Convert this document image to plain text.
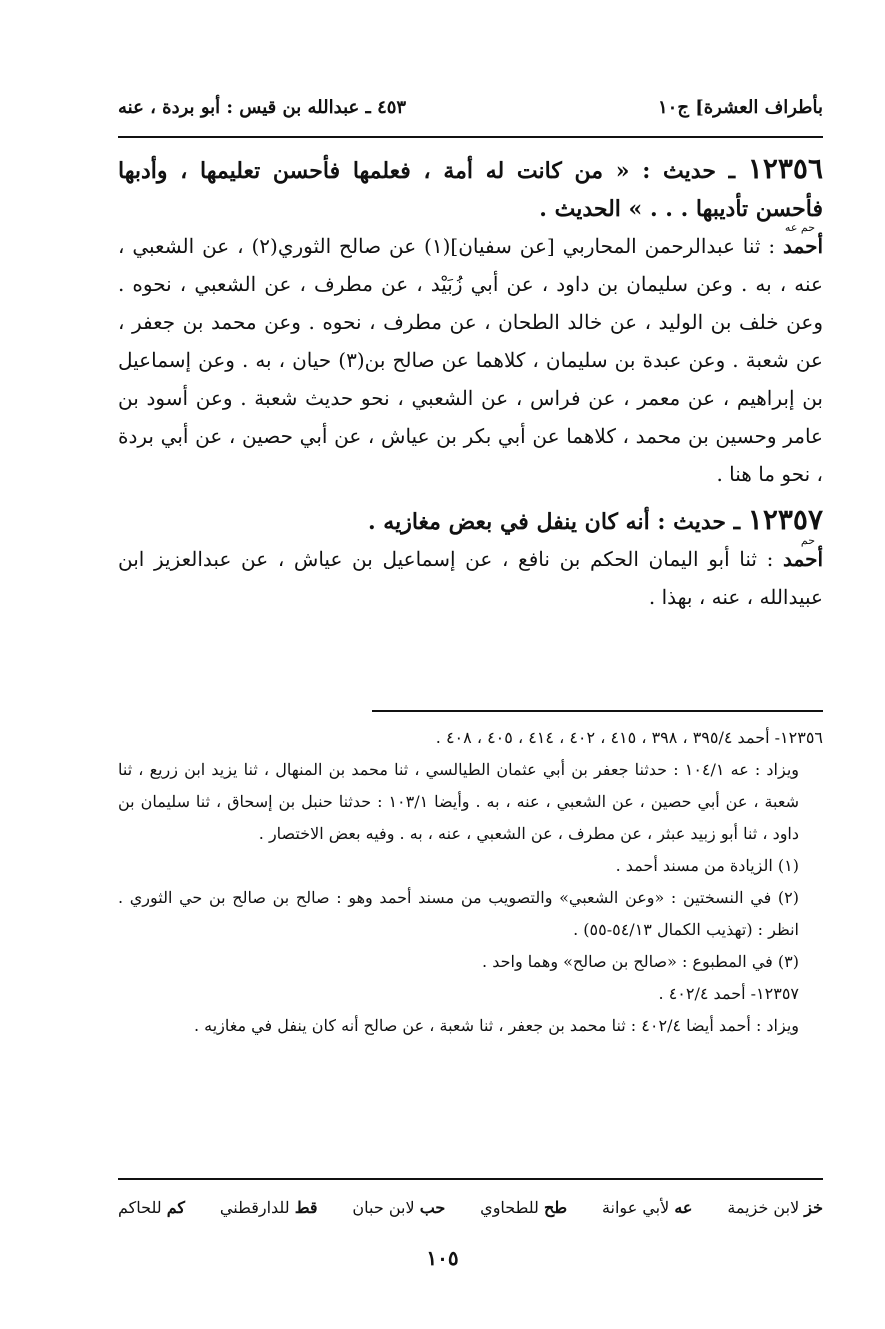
بأطراف العشرة] ج١٠
٤٥٣ ـ عبدالله بن قيس : أبو بردة ، عنه
١٢٣٥٦ ـ حديث : « من كانت له أمة ، فعلمها فأحسن تعليمها ، وأدبها فأحسن تأديبها . . . » الحديث .
حم عه

أحمد : ثنا عبدالرحمن المحاربي [عن سفيان](١) عن صالح الثوري(٢) ، عن الشعبي ، عنه ، به . وعن سليمان بن داود ، عن أبي زُبَيْد ، عن مطرف ، عن الشعبي ، نحوه . وعن خلف بن الوليد ، عن خالد الطحان ، عن مطرف ، نحوه . وعن محمد بن جعفر ، عن شعبة . وعن عبدة بن سليمان ، كلاهما عن صالح بن(٣) حيان ، به . وعن إسماعيل بن إبراهيم ، عن معمر ، عن فراس ، عن الشعبي ، نحو حديث شعبة . وعن أسود بن عامر وحسين بن محمد ، كلاهما عن أبي بكر بن عياش ، عن أبي حصين ، عن أبي بردة ، نحو ما هنا .

١٢٣٥٧ ـ حديث : أنه كان ينفل في بعض مغازيه .
حم

أحمد : ثنا أبو اليمان الحكم بن نافع ، عن إسماعيل بن عياش ، عن عبدالعزيز ابن عبيدالله ، عنه ، بهذا .

١٢٣٥٦- أحمد ٣٩٥/٤ ، ٣٩٨ ، ٤١٥ ، ٤٠٢ ، ٤١٤ ، ٤٠٥ ، ٤٠٨ .

ويزاد : عه ١٠٤/١ : حدثنا جعفر بن أبي عثمان الطيالسي ، ثنا محمد بن المنهال ، ثنا يزيد ابن زريع ، ثنا شعبة ، عن أبي حصين ، عن الشعبي ، عنه ، به . وأيضا ١٠٣/١ : حدثنا حنبل بن إسحاق ، ثنا سليمان بن داود ، ثنا أبو زبيد عبثر ، عن مطرف ، عن الشعبي ، عنه ، به . وفيه بعض الاختصار .

(١) الزيادة من مسند أحمد .

(٢) في النسختين : «وعن الشعبي» والتصويب من مسند أحمد وهو : صالح بن صالح بن حي الثوري . انظر : (تهذيب الكمال ٥٤/١٣-٥٥) .

(٣) في المطبوع : «صالح بن صالح» وهما واحد .

١٢٣٥٧- أحمد ٤٠٢/٤ .

ويزاد : أحمد أيضا ٤٠٢/٤ : ثنا محمد بن جعفر ، ثنا شعبة ، عن صالح أنه كان ينفل في مغازيه .

خز لابن خزيمة
عه لأبي عوانة
طح للطحاوي
حب لابن حبان
قط للدارقطني
كم للحاكم
١٠٥
